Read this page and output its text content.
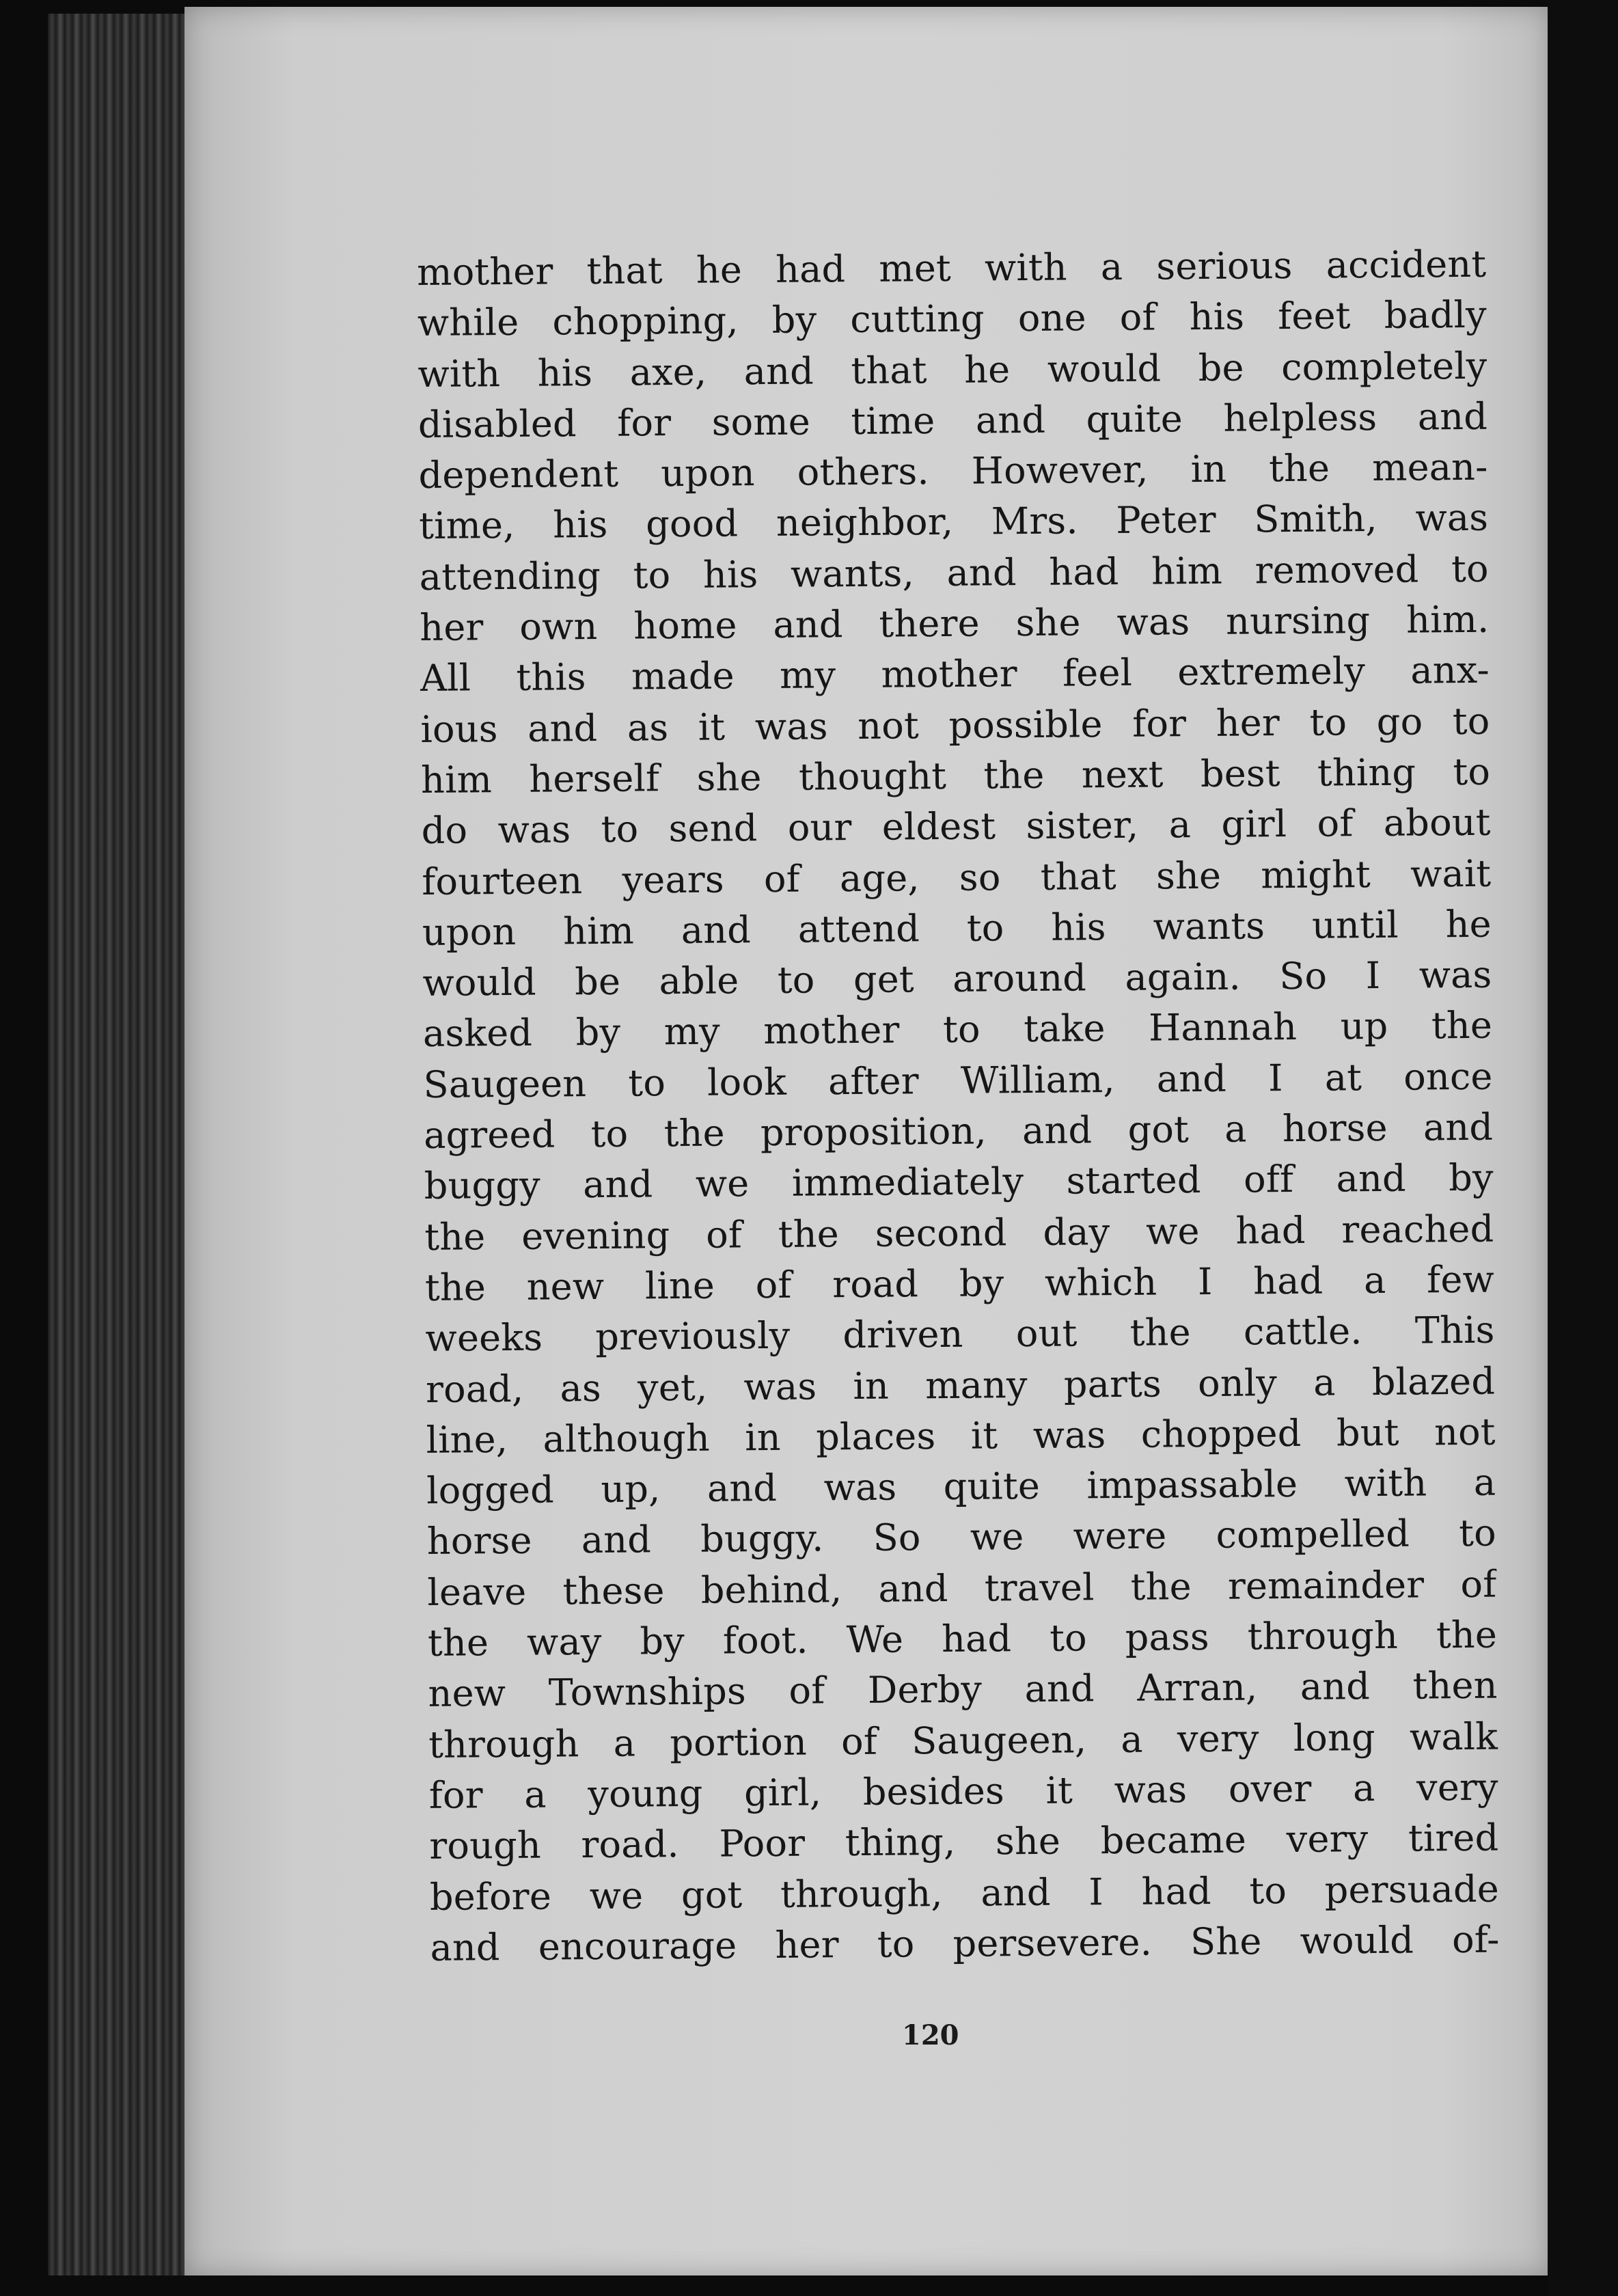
mother that he had met with a serious accident
while chopping, by cutting one of his feet badly
with his axe, and that he would be completely
disabled for some time and quite helpless and
dependent upon others. However, in the mean-
time, his good neighbor, Mrs. Peter Smith, was
attending to his wants, and had him removed to
her own home and there she was nursing him.
All this made my mother feel extremely anx-
ious and as it was not possible for her to go to
him herself she thought the next best thing to
do was to send our eldest sister, a girl of about
fourteen years of age, so that she might wait
upon him and attend to his wants until he
would be able to get around again. So I was
asked by my mother to take Hannah up the
Saugeen to look after William, and I at once
agreed to the proposition, and got a horse and
buggy and we immediately started off and by
the evening of the second day we had reached
the new line of road by which I had a few
weeks previously driven out the cattle. This
road, as yet, was in many parts only a blazed
line, although in places it was chopped but not
logged up, and was quite impassable with a
horse and buggy. So we were compelled to
leave these behind, and travel the remainder of
the way by foot. We had to pass through the
new Townships of Derby and Arran, and then
through a portion of Saugeen, a very long walk
for a young girl, besides it was over a very
rough road. Poor thing, she became very tired
before we got through, and I had to persuade
and encourage her to persevere. She would of-
120
